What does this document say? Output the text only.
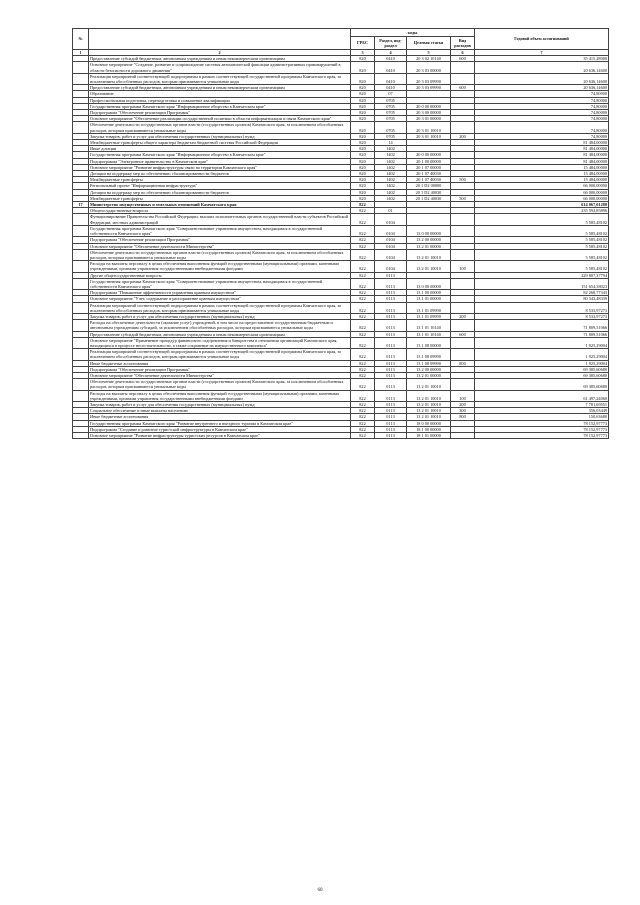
№		коды				Годовой объем ассигнований
		ГРБС	Раздел, под-раздел	Целевая статья	Вид расходов	
1	2	3	4	5	6	7
	Предоставление субсидий бюджетным, автономным учреждениям и иным некоммерческим организациям	820	0410	20 3 02 10140	600	35 415,28000
	Основное мероприятие "Создание, развитие и сопровождение системы автоматической фиксации административных правонарушений в области безопасности дорожного движения"	820	0410	20 3 03 00000		20 636,14600
	Реализация мероприятий соответствующей подпрограммы в рамках соответствующей государственной программы Камчатского края, за исключением обособленных расходов, которым присваиваются уникальные коды	820	0410	20 3 03 09990		20 636,14600
	Предоставление субсидий бюджетным, автономным учреждениям и иным некоммерческим организациям	820	0410	20 3 03 09990	600	20 636,14600
	Образование	820	07			74,80000
	Профессиональная подготовка, переподготовка и повышение квалификации	820	0705			74,80000
	Государственная программа Камчатского края "Информационное общество в Камчатском крае"	820	0705	20 0 00 00000		74,80000
	Подпрограмма "Обеспечение реализации Программы"	820	0705	20 3 00 00000		74,80000
	Основное мероприятие "Обеспечение реализации государственной политики в области информатизации и связи Камчатского края"	820	0705	20 3 01 00000		74,80000
	Обеспечение деятельности государственных органов власти (государственных органов) Камчатского края, за исключением обособленных расходов, которым присваиваются уникальные коды	820	0705	20 3 01 10010		74,80000
	Закупка товаров, работ и услуг для обеспечения государственных (муниципальных) нужд	820	0705	20 3 01 10010	200	74,80000
	Межбюджетные трансферты общего характера бюджетам бюджетной системы Российской Федерации	820	14			81 484,00000
	Иные дотации	820	1402			81 484,00000
	Государственная программа Камчатского края "Информационное общество в Камчатском крае"	820	1402	20 0 00 00000		81 484,00000
	Подпрограмма "Электронное правительство в Камчатском крае"	820	1402	20 1 00 00000		81 484,00000
	Основное мероприятие "Развитие инфраструктуры связи на территории Камчатского края"	820	1402	20 1 07 00000		15 484,00000
	Дотации на поддержку мер по обеспечению сбалансированности бюджетов	820	1402	20 1 07 40030		15 484,00000
	Межбюджетные трансферты	820	1402	20 1 07 40030	500	15 484,00000
	Региональный проект "Информационная инфраструктура"	820	1402	20 1 D2 00000		66 000,00000
	Дотации на поддержку мер по обеспечению сбалансированности бюджетов	820	1402	20 1 D2 40030		66 000,00000
	Межбюджетные трансферты	820	1402	20 1 D2 40030	500	66 000,00000
17	Министерство имущественных и земельных отношений Камчатского края	822				614 067,01288
	Общегосударственные вопросы	822	01			235 592,85896
	Функционирование Правительства Российской Федерации, высших исполнительных органов государственной власти субъектов Российской Федерации, местных администраций	822	0104			5 585,48102
	Государственная программа Камчатского края "Совершенствование управления имуществом, находящимся в государственной собственности Камчатского края"	822	0104	13 0 00 00000		5 585,48102
	Подпрограмма "Обеспечение реализации Программы"	822	0104	13 2 00 00000		5 585,48102
	Основное мероприятие "Обеспечение деятельности Министерства"	822	0104	13 2 01 00000		5 585,48102
	Обеспечение деятельности государственных органов власти (государственных органов) Камчатского края, за исключением обособленных расходов, которым присваиваются уникальные коды	822	0104	13 2 01 10010		5 585,48102
	Расходы на выплаты персоналу в целях обеспечения выполнения функций государственными (муниципальными) органами, казенными учреждениями, органами управления государственными внебюджетными фондами	822	0104	13 2 01 10010	100	5 585,48102
	Другие общегосударственные вопросы	822	0113			229 807,37794
	Государственная программа Камчатского края "Совершенствование управления имуществом, находящимся в государственной собственности Камчатского края"	822	0113	13 0 00 00000		151 654,38023
	Подпрограмма "Повышение эффективности управления краевым имуществом"	822	0113	13 1 00 00000		82 268,77343
	Основное мероприятие "Учет, содержание и распоряжение краевым имуществом"	822	0113	13 1 01 00000		80 343,48339
	Реализация мероприятий соответствующей подпрограммы в рамках соответствующей государственной программы Камчатского края, за исключением обособленных расходов, которым присваиваются уникальные коды	822	0113	13 1 01 09990		8 533,97273
	Закупка товаров, работ и услуг для обеспечения государственных (муниципальных) нужд	822	0113	13 1 01 09990	200	8 533,97273
	Расходы на обеспечение деятельности (оказание услуг) учреждений, в том числе на предоставление государственным бюджетным и автономным учреждениям субсидий, за исключением обособленных расходов, которым присваиваются уникальные коды	822	0113	13 1 01 10140		71 809,51066
	Предоставление субсидий бюджетным, автономным учреждениям и иным некоммерческим организациям	822	0113	13 1 01 10140	600	71 809,51066
	Основное мероприятие "Применение процедур финансового оздоровления и банкротства в отношении организаций Камчатского края, находящихся в процессе несостоятельности, а также сохранение их имущественного комплекса"	822	0113	13 1 08 00000		1 925,29004
	Реализация мероприятий соответствующей подпрограммы в рамках соответствующей государственной программы Камчатского края, за исключением обособленных расходов, которым присваиваются уникальные коды	822	0113	13 1 08 09990		1 925,29004
	Иные бюджетные ассигнования	822	0113	13 1 08 09990	800	1 925,29004
	Подпрограмма "Обеспечение реализации Программы"	822	0113	13 2 00 00000		69 385,60680
	Основное мероприятие "Обеспечение деятельности Министерства"	822	0113	13 2 01 00000		69 385,60680
	Обеспечение деятельности государственных органов власти (государственных органов) Камчатского края, за исключением обособленных расходов, которым присваиваются уникальные коды	822	0113	13 2 01 10010		69 385,60680
	Расходы на выплаты персоналу в целях обеспечения выполнения функций государственными (муниципальными) органами, казенными учреждениями, органами управления государственными внебюджетными фондами	822	0113	13 2 01 10010	100	61 497,24060
	Закупка товаров, работ и услуг для обеспечения государственных (муниципальных) нужд	822	0113	13 2 01 10010	200	7 781,69551
	Социальное обеспечение и иные выплаты населению	822	0113	13 2 01 10010	300	356,03449
	Иные бюджетные ассигнования	822	0113	13 2 01 10010	800	150,63680
	Государственная программа Камчатского края "Развитие внутреннего и въездного туризма в Камчатском крае"	822	0113	18 0 00 00000		78 152,97773
	Подпрограмма "Создание и развитие туристской инфраструктуры в Камчатском крае"	822	0113	18 1 00 00000		78 152,97773
	Основное мероприятие "Развитие инфраструктуры туристских ресурсов в Камчатском крае"	822	0113	18 1 01 00000		78 152,97773
60
